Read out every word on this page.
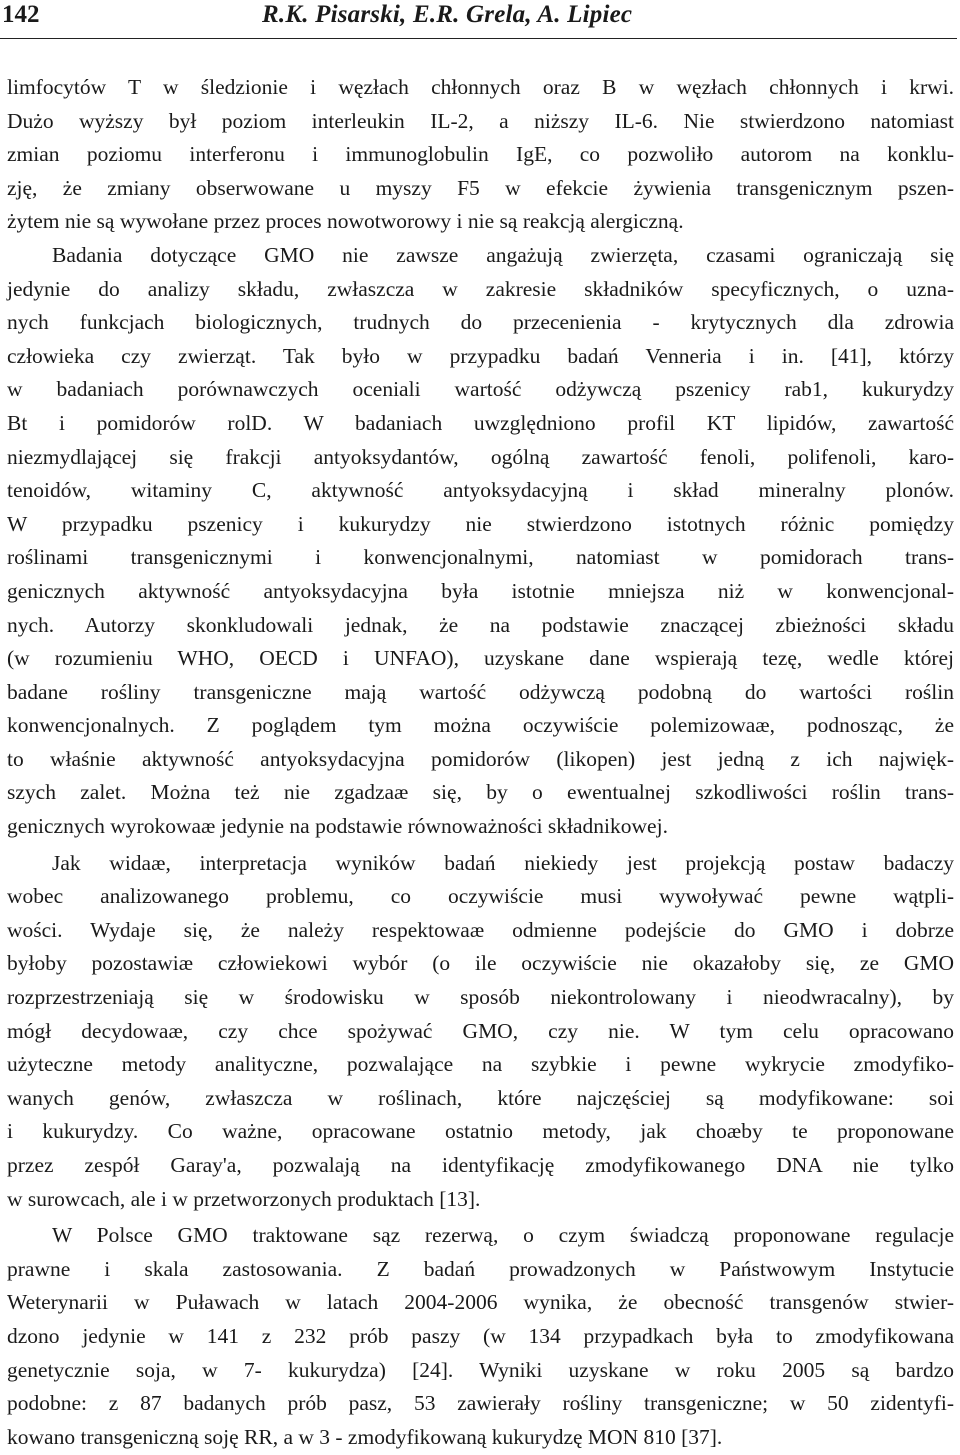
142	R.K. Pisarski, E.R. Grela, A. Lipiec
limfocytów T w śledzionie i węzłach chłonnych oraz B w węzłach chłonnych i krwi.
Dużo wyższy był poziom interleukin IL-2, a niższy IL-6. Nie stwierdzono natomiast
zmian poziomu interferonu i immunoglobulin IgE, co pozwoliło autorom na konklu-
zję, że zmiany obserwowane u myszy F5 w efekcie żywienia transgenicznym pszen-
żytem nie są wywołane przez proces nowotworowy i nie są reakcją alergiczną.
Badania dotyczące GMO nie zawsze angażują zwierzęta, czasami ograniczają się
jedynie do analizy składu, zwłaszcza w zakresie składników specyficznych, o uzna-
nych funkcjach biologicznych, trudnych do przecenienia - krytycznych dla zdrowia
człowieka czy zwierząt. Tak było w przypadku badań Venneria i in. [41], którzy
w badaniach porównawczych oceniali wartość odżywczą pszenicy rab1, kukurydzy
Bt i pomidorów rolD. W badaniach uwzględniono profil KT lipidów, zawartość
niezmydlającej się frakcji antyoksydantów, ogólną zawartość fenoli, polifenoli, karo-
tenoidów, witaminy C, aktywność antyoksydacyjną i skład mineralny plonów.
W przypadku pszenicy i kukurydzy nie stwierdzono istotnych różnic pomiędzy
roślinami transgenicznymi i konwencjonalnymi, natomiast w pomidorach trans-
genicznych aktywność antyoksydacyjna była istotnie mniejsza niż w konwencjonal-
nych. Autorzy skonkludowali jednak, że na podstawie znaczącej zbieżności składu
(w rozumieniu WHO, OECD i UNFAO), uzyskane dane wspierają tezę, wedle której
badane rośliny transgeniczne mają wartość odżywczą podobną do wartości roślin
konwencjonalnych. Z poglądem tym można oczywiście polemizowaæ, podnosząc, że
to właśnie aktywność antyoksydacyjna pomidorów (likopen) jest jedną z ich najwięk-
szych zalet. Można też nie zgadzaæ się, by o ewentualnej szkodliwości roślin trans-
genicznych wyrokowaæ jedynie na podstawie równoważności składnikowej.
Jak widaæ, interpretacja wyników badań niekiedy jest projekcją postaw badaczy
wobec analizowanego problemu, co oczywiście musi wywoływać pewne wątpli-
wości. Wydaje się, że należy respektowaæ odmienne podejście do GMO i dobrze
byłoby pozostawiæ człowiekowi wybór (o ile oczywiście nie okazałoby się, ze GMO
rozprzestrzeniają się w środowisku w sposób niekontrolowany i nieodwracalny), by
mógł decydowaæ, czy chce spożywać GMO, czy nie. W tym celu opracowano
użyteczne metody analityczne, pozwalające na szybkie i pewne wykrycie zmodyfiko-
wanych genów, zwłaszcza w roślinach, które najczęściej są modyfikowane: soi
i kukurydzy. Co ważne, opracowane ostatnio metody, jak choæby te proponowane
przez zespół Garay'a, pozwalają na identyfikację zmodyfikowanego DNA nie tylko
w surowcach, ale i w przetworzonych produktach [13].
W Polsce GMO traktowane sąz rezerwą, o czym świadczą proponowane regulacje
prawne i skala zastosowania. Z badań prowadzonych w Państwowym Instytucie
Weterynarii w Puławach w latach 2004-2006 wynika, że obecność transgenów stwier-
dzono jedynie w 141 z 232 prób paszy (w 134 przypadkach była to zmodyfikowana
genetycznie soja, w 7- kukurydza) [24]. Wyniki uzyskane w roku 2005 są bardzo
podobne: z 87 badanych prób pasz, 53 zawierały rośliny transgeniczne; w 50 zidentyfi-
kowano transgeniczną soję RR, a w 3 - zmodyfikowaną kukurydzę MON 810 [37].
